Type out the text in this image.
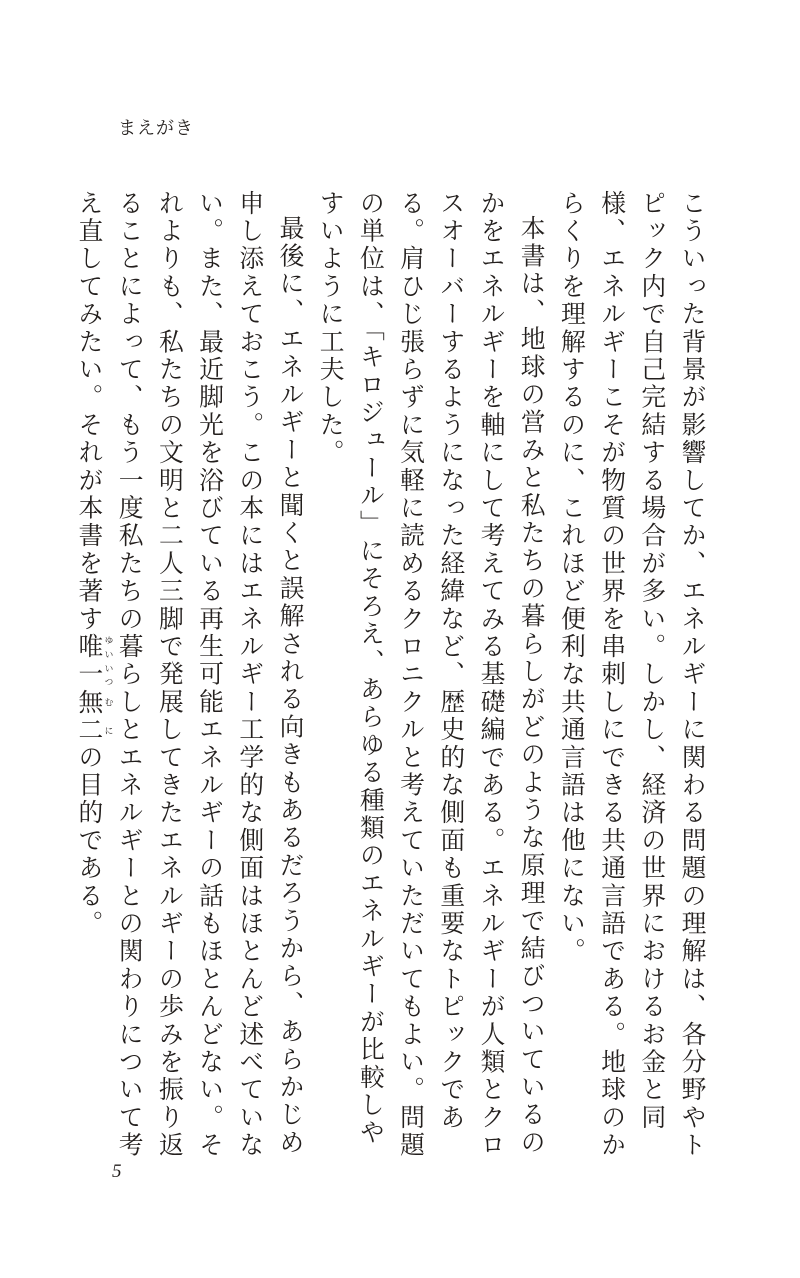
まえがき

こういった背景が影響してか、エネルギーに関わる問題の理解は、各分野やトピック内で自己完結する場合が多い。しかし、経済の世界におけるお金と同様、エネルギーこそが物質の世界を串刺しにできる共通言語である。地球のからくりを理解するのに、これほど便利な共通言語は他にない。

本書は、地球の営みと私たちの暮らしがどのような原理で結びついているのかをエネルギーを軸にして考えてみる基礎編である。エネルギーが人類とクロスオーバーするようになった経緯など、歴史的な側面も重要なトピックである。肩ひじ張らずに気軽に読めるクロニクルと考えていただいてもよい。問題の単位は、「キロジュール」にそろえ、あらゆる種類のエネルギーが比較しやすいように工夫した。

最後に、エネルギーと聞くと誤解される向きもあるだろうから、あらかじめ申し添えておこう。この本にはエネルギー工学的な側面はほとんど述べていない。また、最近脚光を浴びている再生可能エネルギーの話もほとんどない。それよりも、私たちの文明と二人三脚で発展してきたエネルギーの歩みを振り返ることによって、もう一度私たちの暮らしとエネルギーとの関わりについて考え直してみたい。それが本書を著す唯一ゆいいつ無二むにの目的である。

5
